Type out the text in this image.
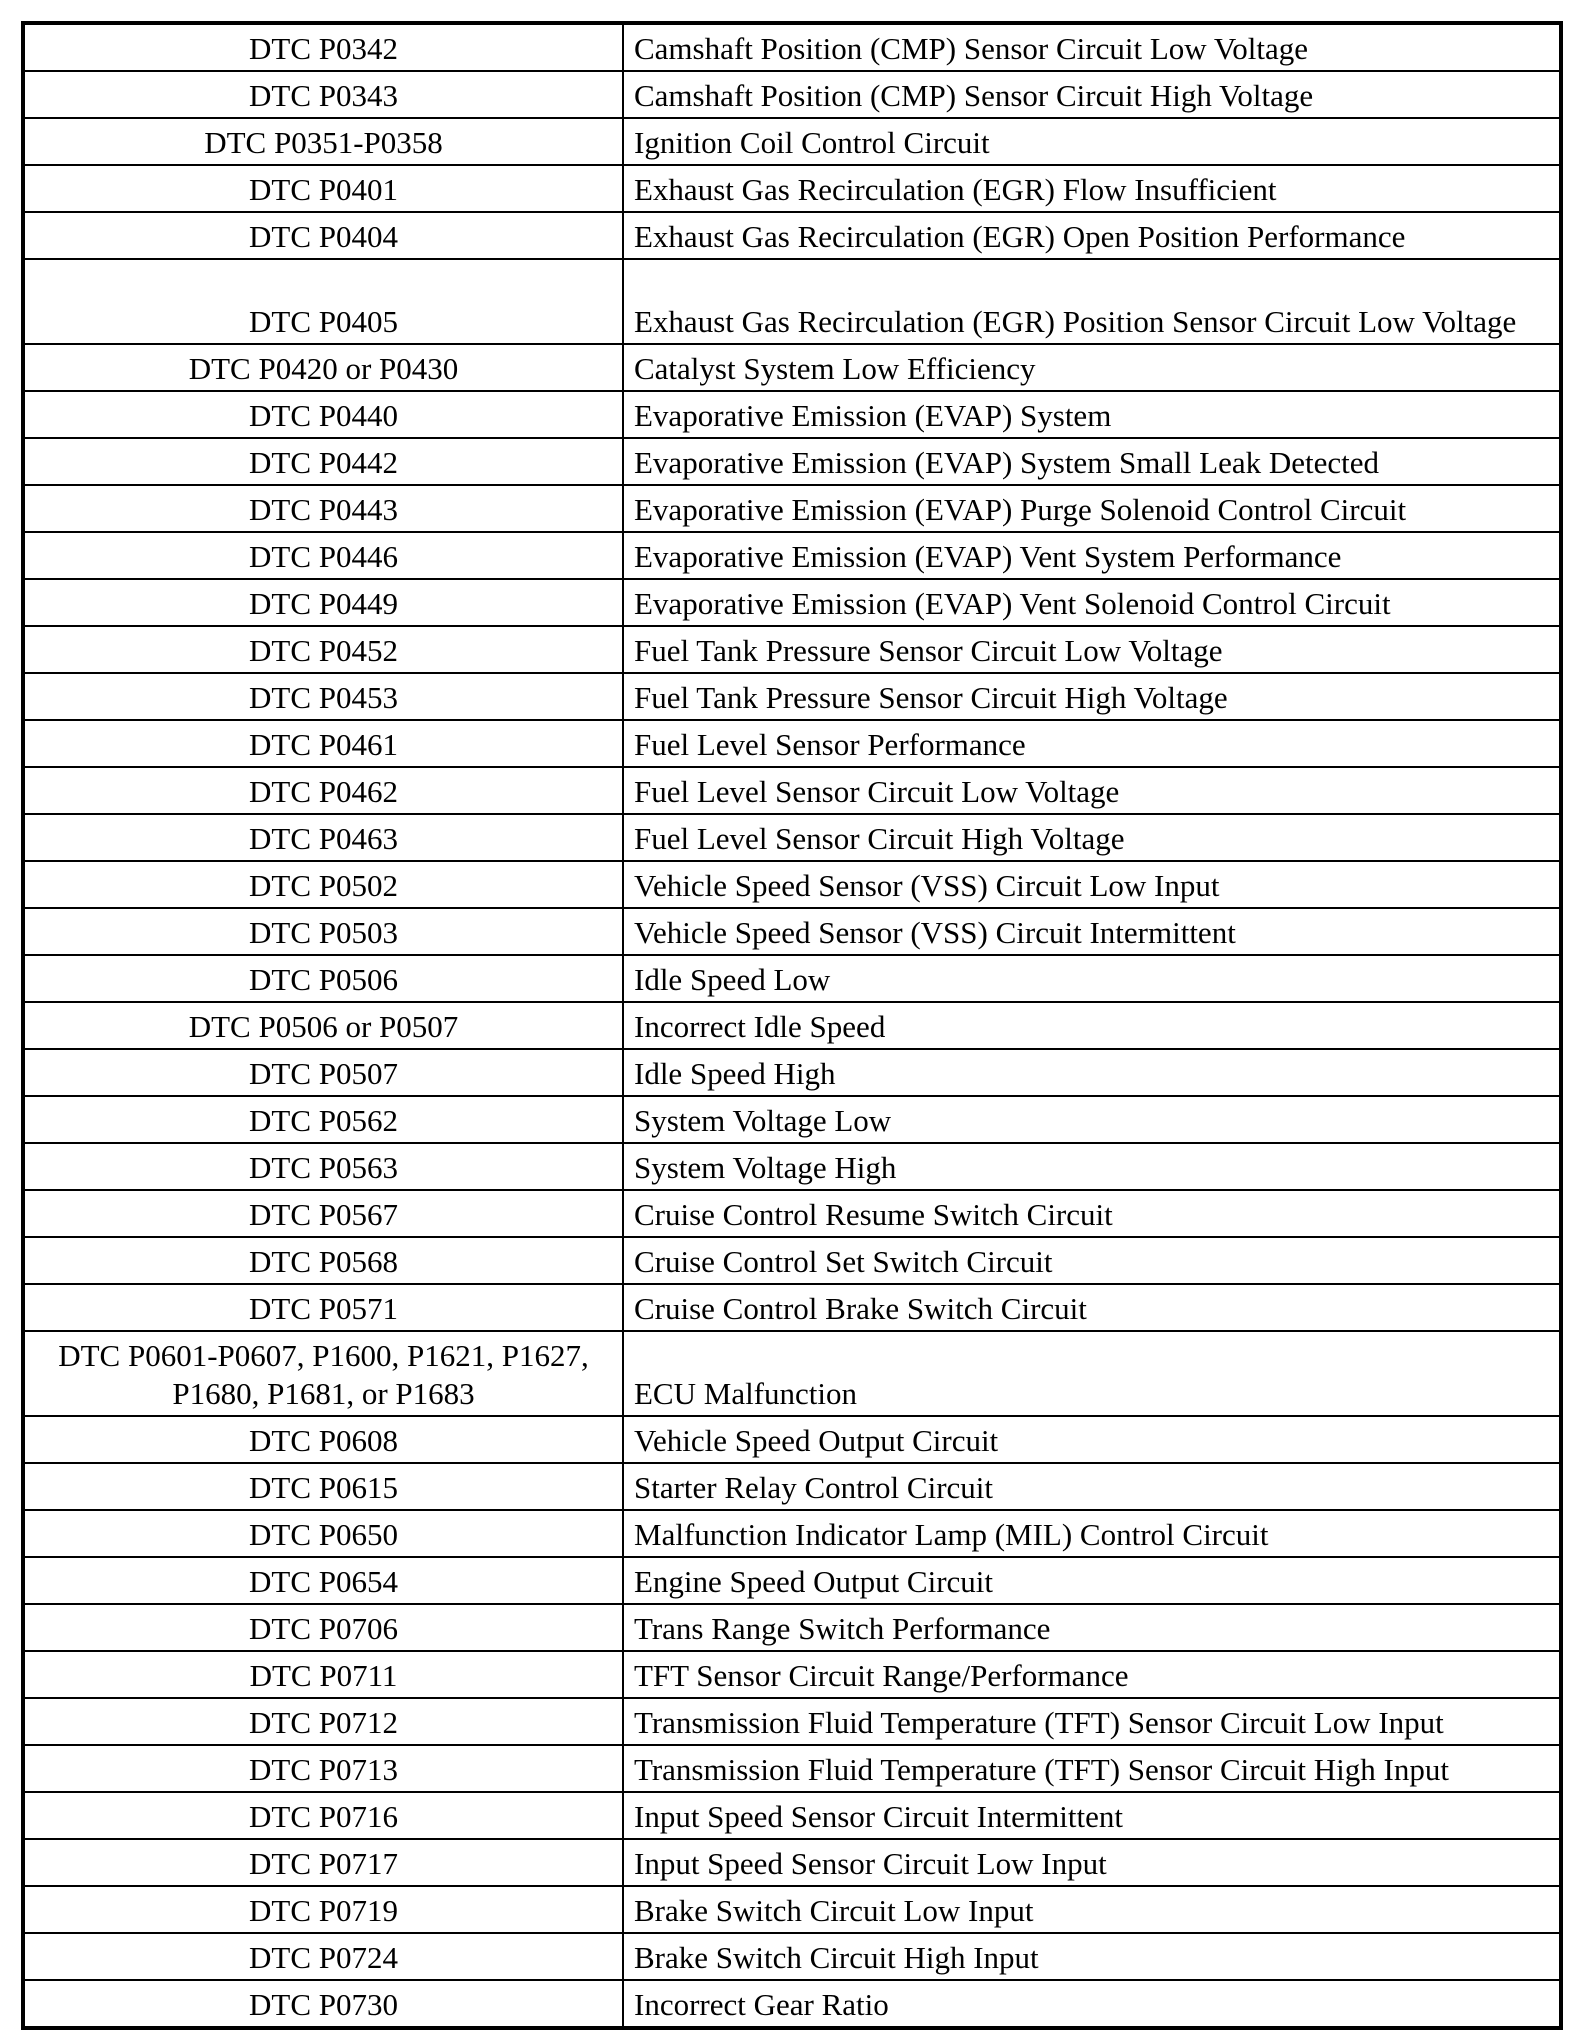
DTC P0342	Camshaft Position (CMP) Sensor Circuit Low Voltage

DTC P0343	Camshaft Position (CMP) Sensor Circuit High Voltage

DTC P0351-P0358	Ignition Coil Control Circuit

DTC P0401	Exhaust Gas Recirculation (EGR) Flow Insufficient

DTC P0404	Exhaust Gas Recirculation (EGR) Open Position Performance

DTC P0405	Exhaust Gas Recirculation (EGR) Position Sensor Circuit Low Voltage

DTC P0420 or P0430	Catalyst System Low Efficiency

DTC P0440	Evaporative Emission (EVAP) System

DTC P0442	Evaporative Emission (EVAP) System Small Leak Detected

DTC P0443	Evaporative Emission (EVAP) Purge Solenoid Control Circuit

DTC P0446	Evaporative Emission (EVAP) Vent System Performance

DTC P0449	Evaporative Emission (EVAP) Vent Solenoid Control Circuit

DTC P0452	Fuel Tank Pressure Sensor Circuit Low Voltage

DTC P0453	Fuel Tank Pressure Sensor Circuit High Voltage

DTC P0461	Fuel Level Sensor Performance

DTC P0462	Fuel Level Sensor Circuit Low Voltage

DTC P0463	Fuel Level Sensor Circuit High Voltage

DTC P0502	Vehicle Speed Sensor (VSS) Circuit Low Input

DTC P0503	Vehicle Speed Sensor (VSS) Circuit Intermittent

DTC P0506	Idle Speed Low

DTC P0506 or P0507	Incorrect Idle Speed

DTC P0507	Idle Speed High

DTC P0562	System Voltage Low

DTC P0563	System Voltage High

DTC P0567	Cruise Control Resume Switch Circuit

DTC P0568	Cruise Control Set Switch Circuit

DTC P0571	Cruise Control Brake Switch Circuit

DTC P0601-P0607, P1600, P1621, P1627, P1680, P1681, or P1683	ECU Malfunction

DTC P0608	Vehicle Speed Output Circuit

DTC P0615	Starter Relay Control Circuit

DTC P0650	Malfunction Indicator Lamp (MIL) Control Circuit

DTC P0654	Engine Speed Output Circuit

DTC P0706	Trans Range Switch Performance

DTC P0711	TFT Sensor Circuit Range/Performance

DTC P0712	Transmission Fluid Temperature (TFT) Sensor Circuit Low Input

DTC P0713	Transmission Fluid Temperature (TFT) Sensor Circuit High Input

DTC P0716	Input Speed Sensor Circuit Intermittent

DTC P0717	Input Speed Sensor Circuit Low Input

DTC P0719	Brake Switch Circuit Low Input

DTC P0724	Brake Switch Circuit High Input

DTC P0730	Incorrect Gear Ratio
